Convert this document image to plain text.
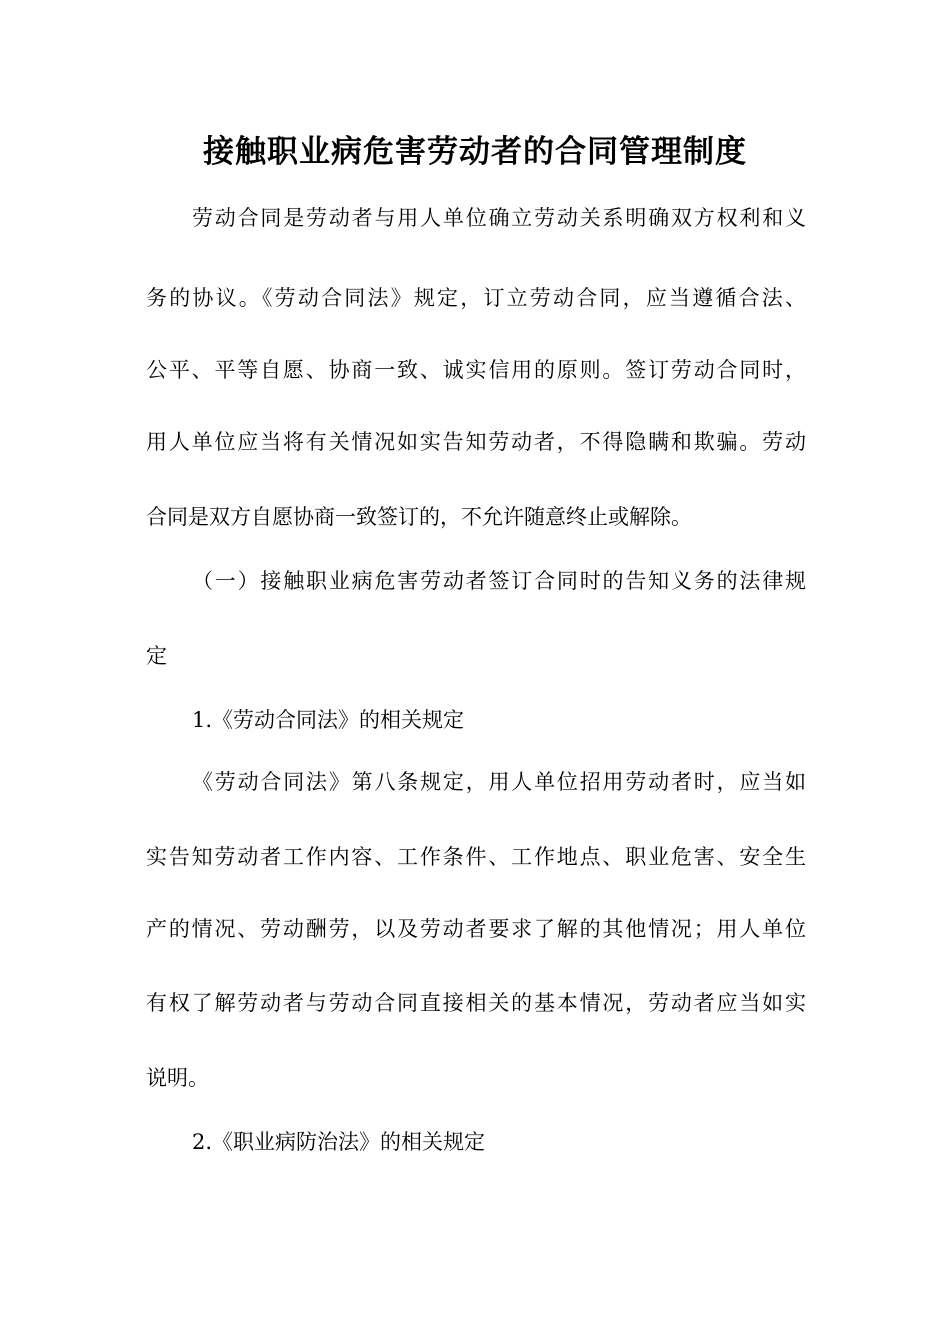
接触职业病危害劳动者的合同管理制度
劳动合同是劳动者与用人单位确立劳动关系明确双方权利和义
务的协议。《劳动合同法》规定，订立劳动合同，应当遵循合法、
公平、平等自愿、协商一致、诚实信用的原则。签订劳动合同时，
用人单位应当将有关情况如实告知劳动者，不得隐瞒和欺骗。劳动
合同是双方自愿协商一致签订的，不允许随意终止或解除。
（一）接触职业病危害劳动者签订合同时的告知义务的法律规
定
1.《劳动合同法》的相关规定
《劳动合同法》第八条规定，用人单位招用劳动者时，应当如
实告知劳动者工作内容、工作条件、工作地点、职业危害、安全生
产的情况、劳动酬劳，以及劳动者要求了解的其他情况；用人单位
有权了解劳动者与劳动合同直接相关的基本情况，劳动者应当如实
说明。
2.《职业病防治法》的相关规定
